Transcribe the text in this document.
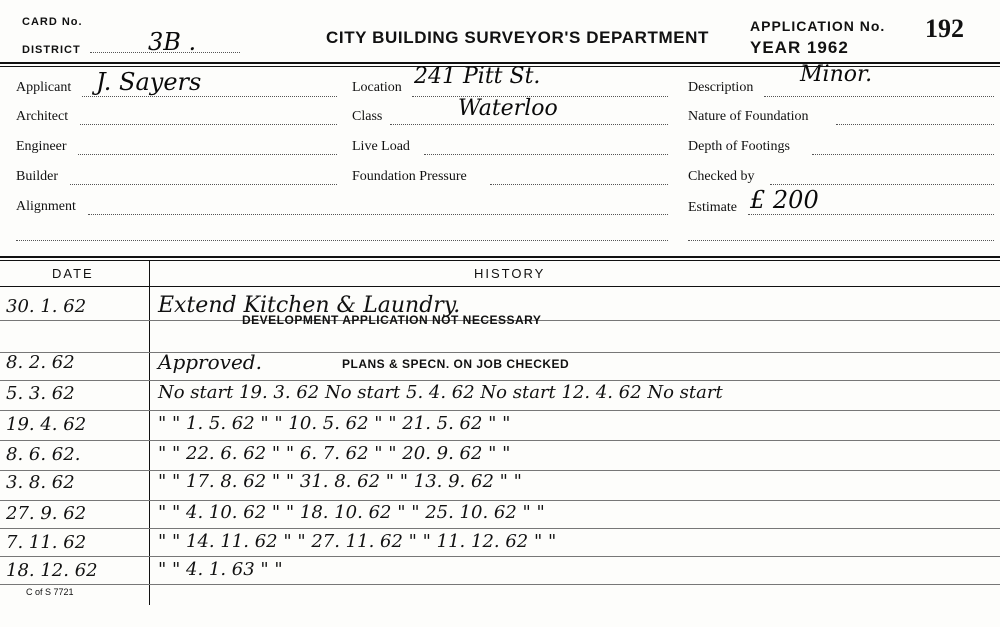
CARD No.
DISTRICT	3B .	CITY BUILDING SURVEYOR'S DEPARTMENT
APPLICATION No.
YEAR 1962
192
Applicant J. Sayers
Architect
Engineer
Builder
Alignment
Location 241 Pitt St.
Class	Waterloo
Live Load
Foundation Pressure
Description
Minor.
Nature of Foundation
Depth of Footings
Checked by
Estimate £ 200
DATE	HISTORY
30. 1. 62	Extend Kitchen & Laundry.
DEVELOPMENT APPLICATION NOT NECESSARY
8. 2. 62	Approved.	PLANS & SPECN. ON JOB CHECKED
5. 3. 62	No start 19. 3. 62 No start 5. 4. 62 No start 12. 4. 62 No start
19. 4. 62	" " 1. 5. 62 " " 10. 5. 62 " " 21. 5. 62 " "
8. 6. 62.	" " 22. 6. 62 " " 6. 7. 62 " " 20. 9. 62 " "
3. 8. 62	" " 17. 8. 62 " " 31. 8. 62 " " 13. 9. 62 " "
27. 9. 62	" " 4. 10. 62 " " 18. 10. 62 " " 25. 10. 62 " "
7. 11. 62	" " 14. 11. 62 " " 27. 11. 62 " " 11. 12. 62 " "
18. 12. 62	" " 4. 1. 63 " "
C of S 7721
